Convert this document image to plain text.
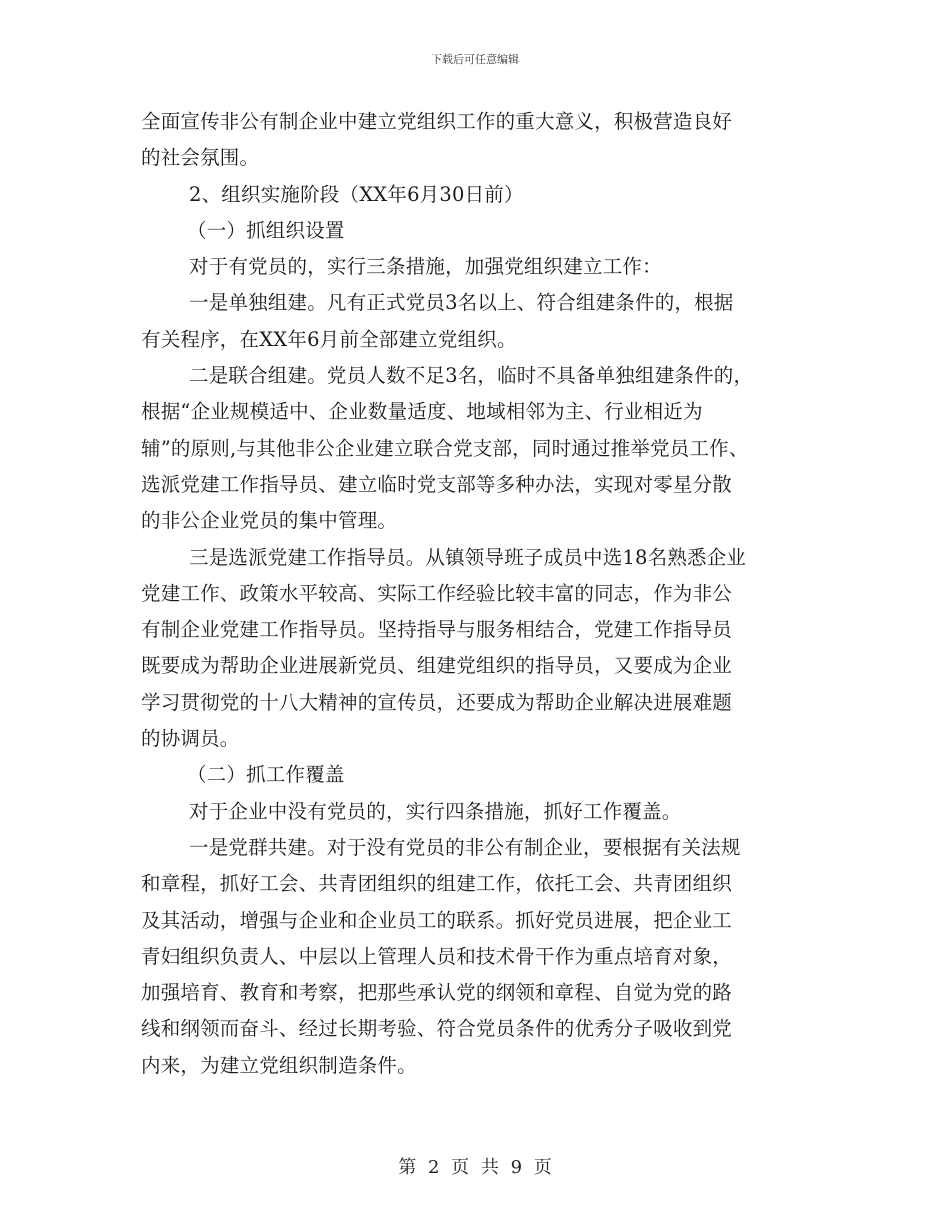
下载后可任意编辑
全面宣传非公有制企业中建立党组织工作的重大意义，积极营造良好
的社会氛围。
2、组织实施阶段（XX年6月30日前）
（一）抓组织设置
对于有党员的，实行三条措施，加强党组织建立工作：
一是单独组建。凡有正式党员3名以上、符合组建条件的，根据
有关程序，在XX年6月前全部建立党组织。
二是联合组建。党员人数不足3名，临时不具备单独组建条件的，
根据“企业规模适中、企业数量适度、地域相邻为主、行业相近为
辅”的原则,与其他非公企业建立联合党支部，同时通过推举党员工作、
选派党建工作指导员、建立临时党支部等多种办法，实现对零星分散
的非公企业党员的集中管理。
三是选派党建工作指导员。从镇领导班子成员中选18名熟悉企业
党建工作、政策水平较高、实际工作经验比较丰富的同志，作为非公
有制企业党建工作指导员。坚持指导与服务相结合，党建工作指导员
既要成为帮助企业进展新党员、组建党组织的指导员，又要成为企业
学习贯彻党的十八大精神的宣传员，还要成为帮助企业解决进展难题
的协调员。
（二）抓工作覆盖
对于企业中没有党员的，实行四条措施，抓好工作覆盖。
一是党群共建。对于没有党员的非公有制企业，要根据有关法规
和章程，抓好工会、共青团组织的组建工作，依托工会、共青团组织
及其活动，增强与企业和企业员工的联系。抓好党员进展，把企业工
青妇组织负责人、中层以上管理人员和技术骨干作为重点培育对象，
加强培育、教育和考察，把那些承认党的纲领和章程、自觉为党的路
线和纲领而奋斗、经过长期考验、符合党员条件的优秀分子吸收到党
内来，为建立党组织制造条件。
第 2 页 共 9 页
